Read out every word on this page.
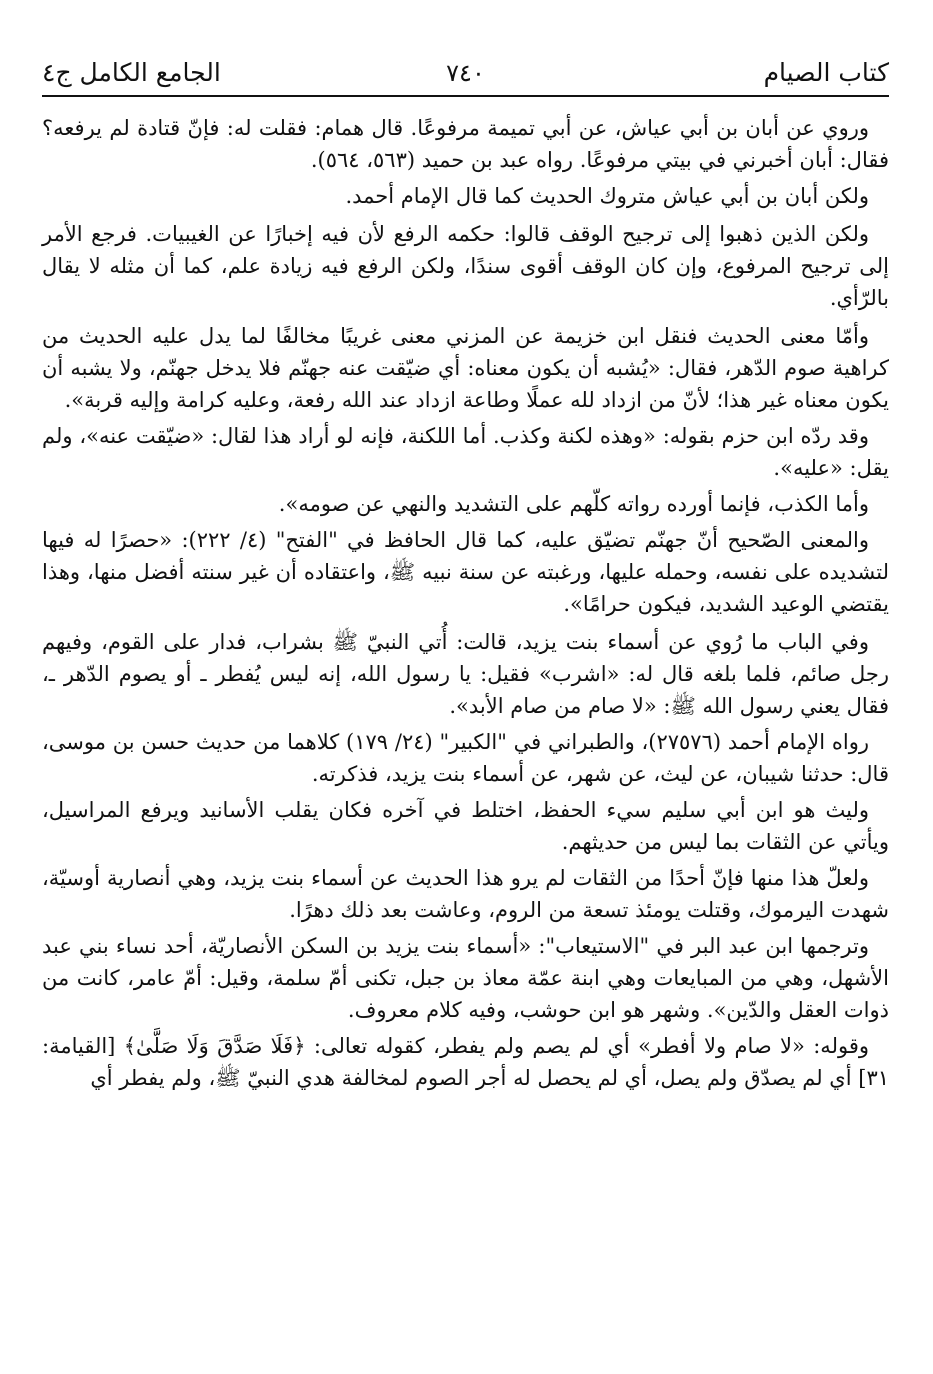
كتاب الصيام
٧٤٠
الجامع الكامل ج٤

وروي عن أبان بن أبي عياش، عن أبي تميمة مرفوعًا. قال همام: فقلت له: فإنّ قتادة لم يرفعه؟ فقال: أبان أخبرني في بيتي مرفوعًا. رواه عبد بن حميد (٥٦٣، ٥٦٤).

ولكن أبان بن أبي عياش متروك الحديث كما قال الإمام أحمد.

ولكن الذين ذهبوا إلى ترجيح الوقف قالوا: حكمه الرفع لأن فيه إخبارًا عن الغيبيات. فرجع الأمر إلى ترجيح المرفوع، وإن كان الوقف أقوى سندًا، ولكن الرفع فيه زيادة علم، كما أن مثله لا يقال بالرّأي.

وأمّا معنى الحديث فنقل ابن خزيمة عن المزني معنى غريبًا مخالفًا لما يدل عليه الحديث من كراهية صوم الدّهر، فقال: «يُشبه أن يكون معناه: أي ضيّقت عنه جهنّم فلا يدخل جهنّم، ولا يشبه أن يكون معناه غير هذا؛ لأنّ من ازداد لله عملًا وطاعة ازداد عند الله رفعة، وعليه كرامة وإليه قربة».

وقد ردّه ابن حزم بقوله: «وهذه لكنة وكذب. أما اللكنة، فإنه لو أراد هذا لقال: «ضيّقت عنه»، ولم يقل: «عليه».

وأما الكذب، فإنما أورده رواته كلّهم على التشديد والنهي عن صومه».

والمعنى الصّحيح أنّ جهنّم تضيّق عليه، كما قال الحافظ في "الفتح" (٤/ ٢٢٢): «حصرًا له فيها لتشديده على نفسه، وحمله عليها، ورغبته عن سنة نبيه ﷺ، واعتقاده أن غير سنته أفضل منها، وهذا يقتضي الوعيد الشديد، فيكون حرامًا».

وفي الباب ما رُوي عن أسماء بنت يزيد، قالت: أُتي النبيّ ﷺ بشراب، فدار على القوم، وفيهم رجل صائم، فلما بلغه قال له: «اشرب» فقيل: يا رسول الله، إنه ليس يُفطر ـ أو يصوم الدّهر ـ، فقال يعني رسول الله ﷺ: «لا صام من صام الأبد».

رواه الإمام أحمد (٢٧٥٧٦)، والطبراني في "الكبير" (٢٤/ ١٧٩) كلاهما من حديث حسن بن موسى، قال: حدثنا شيبان، عن ليث، عن شهر، عن أسماء بنت يزيد، فذكرته.

وليث هو ابن أبي سليم سيء الحفظ، اختلط في آخره فكان يقلب الأسانيد ويرفع المراسيل، ويأتي عن الثقات بما ليس من حديثهم.

ولعلّ هذا منها فإنّ أحدًا من الثقات لم يرو هذا الحديث عن أسماء بنت يزيد، وهي أنصارية أوسيّة، شهدت اليرموك، وقتلت يومئذ تسعة من الروم، وعاشت بعد ذلك دهرًا.

وترجمها ابن عبد البر في "الاستيعاب": «أسماء بنت يزيد بن السكن الأنصاريّة، أحد نساء بني عبد الأشهل، وهي من المبايعات وهي ابنة عمّة معاذ بن جبل، تكنى أمّ سلمة، وقيل: أمّ عامر، كانت من ذوات العقل والدّين». وشهر هو ابن حوشب، وفيه كلام معروف.

وقوله: «لا صام ولا أفطر» أي لم يصم ولم يفطر، كقوله تعالى: ﴿فَلَا صَدَّقَ وَلَا صَلَّىٰ﴾ [القيامة: ٣١] أي لم يصدّق ولم يصل، أي لم يحصل له أجر الصوم لمخالفة هدي النبيّ ﷺ، ولم يفطر أي
